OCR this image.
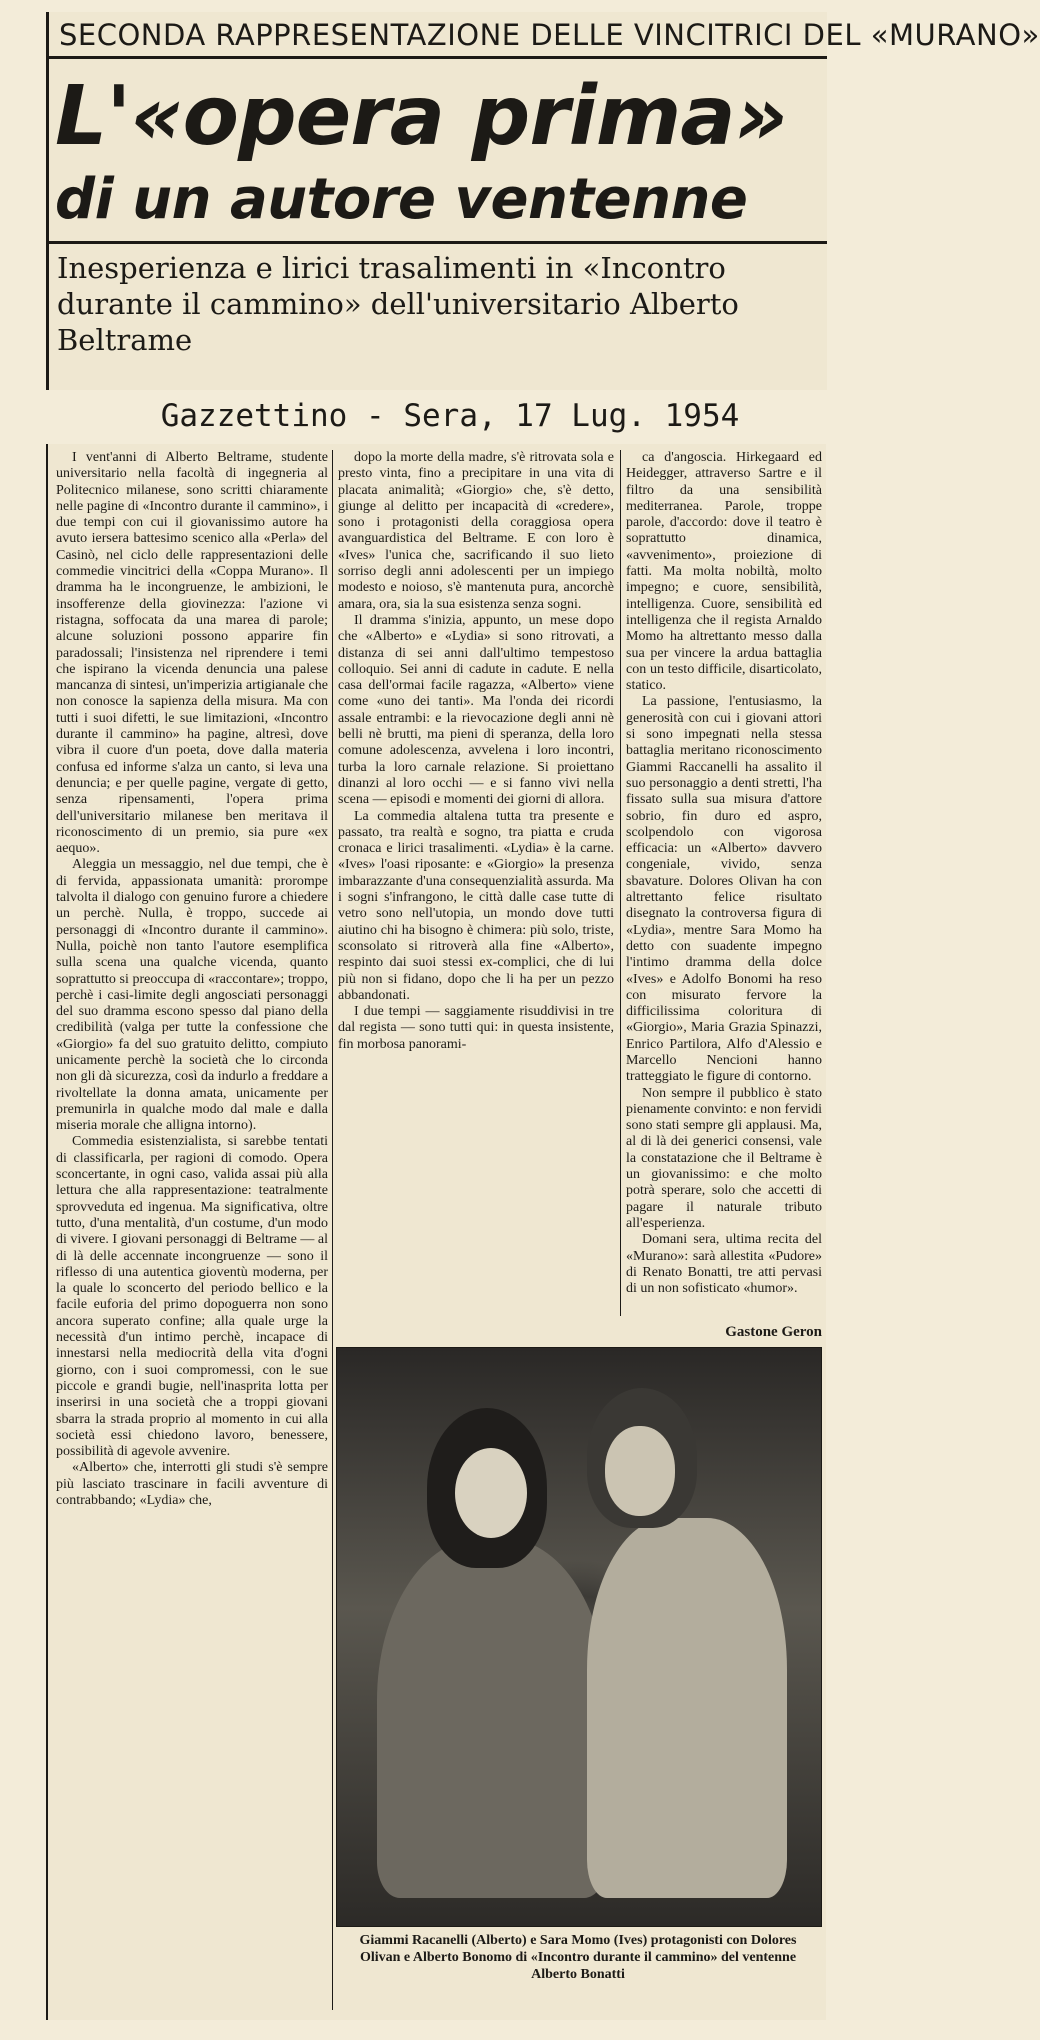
SECONDA RAPPRESENTAZIONE DELLE VINCITRICI DEL «MURANO»
L'«opera prima»
di un autore ventenne
Inesperienza e lirici trasalimenti in «Incontro durante il cammino» dell'universitario Alberto Beltrame
Gazzettino - Sera, 17 Lug. 1954

I vent'anni di Alberto Beltrame, studente universitario nella facoltà di ingegneria al Politecnico milanese, sono scritti chiaramente nelle pagine di «Incontro durante il cammino», i due tempi con cui il giovanissimo autore ha avuto iersera battesimo scenico alla «Perla» del Casinò, nel ciclo delle rappresentazioni delle commedie vincitrici della «Coppa Murano». Il dramma ha le incongruenze, le ambizioni, le insofferenze della giovinezza: l'azione vi ristagna, soffocata da una marea di parole; alcune soluzioni possono apparire fin paradossali; l'insistenza nel riprendere i temi che ispirano la vicenda denuncia una palese mancanza di sintesi, un'imperizia artigianale che non conosce la sapienza della misura. Ma con tutti i suoi difetti, le sue limitazioni, «Incontro durante il cammino» ha pagine, altresì, dove vibra il cuore d'un poeta, dove dalla materia confusa ed informe s'alza un canto, si leva una denuncia; e per quelle pagine, vergate di getto, senza ripensamenti, l'opera prima dell'universitario milanese ben meritava il riconoscimento di un premio, sia pure «ex aequo».

Aleggia un messaggio, nel due tempi, che è di fervida, appassionata umanità: prorompe talvolta il dialogo con genuino furore a chiedere un perchè. Nulla, è troppo, succede ai personaggi di «Incontro durante il cammino». Nulla, poichè non tanto l'autore esemplifica sulla scena una qualche vicenda, quanto soprattutto si preoccupa di «raccontare»; troppo, perchè i casi-limite degli angosciati personaggi del suo dramma escono spesso dal piano della credibilità (valga per tutte la confessione che «Giorgio» fa del suo gratuito delitto, compiuto unicamente perchè la società che lo circonda non gli dà sicurezza, così da indurlo a freddare a rivoltellate la donna amata, unicamente per premunirla in qualche modo dal male e dalla miseria morale che alligna intorno).

Commedia esistenzialista, si sarebbe tentati di classificarla, per ragioni di comodo. Opera sconcertante, in ogni caso, valida assai più alla lettura che alla rappresentazione: teatralmente sprovveduta ed ingenua. Ma significativa, oltre tutto, d'una mentalità, d'un costume, d'un modo di vivere. I giovani personaggi di Beltrame — al di là delle accennate incongruenze — sono il riflesso di una autentica gioventù moderna, per la quale lo sconcerto del periodo bellico e la facile euforia del primo dopoguerra non sono ancora superato confine; alla quale urge la necessità d'un intimo perchè, incapace di innestarsi nella mediocrità della vita d'ogni giorno, con i suoi compromessi, con le sue piccole e grandi bugie, nell'inasprita lotta per inserirsi in una società che a troppi giovani sbarra la strada proprio al momento in cui alla società essi chiedono lavoro, benessere, possibilità di agevole avvenire.

«Alberto» che, interrotti gli studi s'è sempre più lasciato trascinare in facili avventure di contrabbando; «Lydia» che,

dopo la morte della madre, s'è ritrovata sola e presto vinta, fino a precipitare in una vita di placata animalità; «Giorgio» che, s'è detto, giunge al delitto per incapacità di «credere», sono i protagonisti della coraggiosa opera avanguardistica del Beltrame. E con loro è «Ives» l'unica che, sacrificando il suo lieto sorriso degli anni adolescenti per un impiego modesto e noioso, s'è mantenuta pura, ancorchè amara, ora, sia la sua esistenza senza sogni.

Il dramma s'inizia, appunto, un mese dopo che «Alberto» e «Lydia» si sono ritrovati, a distanza di sei anni dall'ultimo tempestoso colloquio. Sei anni di cadute in cadute. E nella casa dell'ormai facile ragazza, «Alberto» viene come «uno dei tanti». Ma l'onda dei ricordi assale entrambi: e la rievocazione degli anni nè belli nè brutti, ma pieni di speranza, della loro comune adolescenza, avvelena i loro incontri, turba la loro carnale relazione. Si proiettano dinanzi al loro occhi — e si fanno vivi nella scena — episodi e momenti dei giorni di allora.

La commedia altalena tutta tra presente e passato, tra realtà e sogno, tra piatta e cruda cronaca e lirici trasalimenti. «Lydia» è la carne. «Ives» l'oasi riposante: e «Giorgio» la presenza imbarazzante d'una consequenzialità assurda. Ma i sogni s'infrangono, le città dalle case tutte di vetro sono nell'utopia, un mondo dove tutti aiutino chi ha bisogno è chimera: più solo, triste, sconsolato si ritroverà alla fine «Alberto», respinto dai suoi stessi ex-complici, che di lui più non si fidano, dopo che li ha per un pezzo abbandonati.

I due tempi — saggiamente risuddivisi in tre dal regista — sono tutti qui: in questa insistente, fin morbosa panorami-

ca d'angoscia. Hirkegaard ed Heidegger, attraverso Sartre e il filtro da una sensibilità mediterranea. Parole, troppe parole, d'accordo: dove il teatro è soprattutto dinamica, «avvenimento», proiezione di fatti. Ma molta nobiltà, molto impegno; e cuore, sensibilità, intelligenza. Cuore, sensibilità ed intelligenza che il regista Arnaldo Momo ha altrettanto messo dalla sua per vincere la ardua battaglia con un testo difficile, disarticolato, statico.

La passione, l'entusiasmo, la generosità con cui i giovani attori si sono impegnati nella stessa battaglia meritano riconoscimento Giammi Raccanelli ha assalito il suo personaggio a denti stretti, l'ha fissato sulla sua misura d'attore sobrio, fin duro ed aspro, scolpendolo con vigorosa efficacia: un «Alberto» davvero congeniale, vivido, senza sbavature. Dolores Olivan ha con altrettanto felice risultato disegnato la controversa figura di «Lydia», mentre Sara Momo ha detto con suadente impegno l'intimo dramma della dolce «Ives» e Adolfo Bonomi ha reso con misurato fervore la difficilissima coloritura di «Giorgio», Maria Grazia Spinazzi, Enrico Partilora, Alfo d'Alessio e Marcello Nencioni hanno tratteggiato le figure di contorno.

Non sempre il pubblico è stato pienamente convinto: e non fervidi sono stati sempre gli applausi. Ma, al di là dei generici consensi, vale la constatazione che il Beltrame è un giovanissimo: e che molto potrà sperare, solo che accetti di pagare il naturale tributo all'esperienza.

Domani sera, ultima recita del «Murano»: sarà allestita «Pudore» di Renato Bonatti, tre atti pervasi di un non sofisticato «humor».

Gastone Geron
Giammi Racanelli (Alberto) e Sara Momo (Ives) protagonisti con Dolores Olivan e Alberto Bonomo di «Incontro durante il cammino» del ventenne Alberto Bonatti
